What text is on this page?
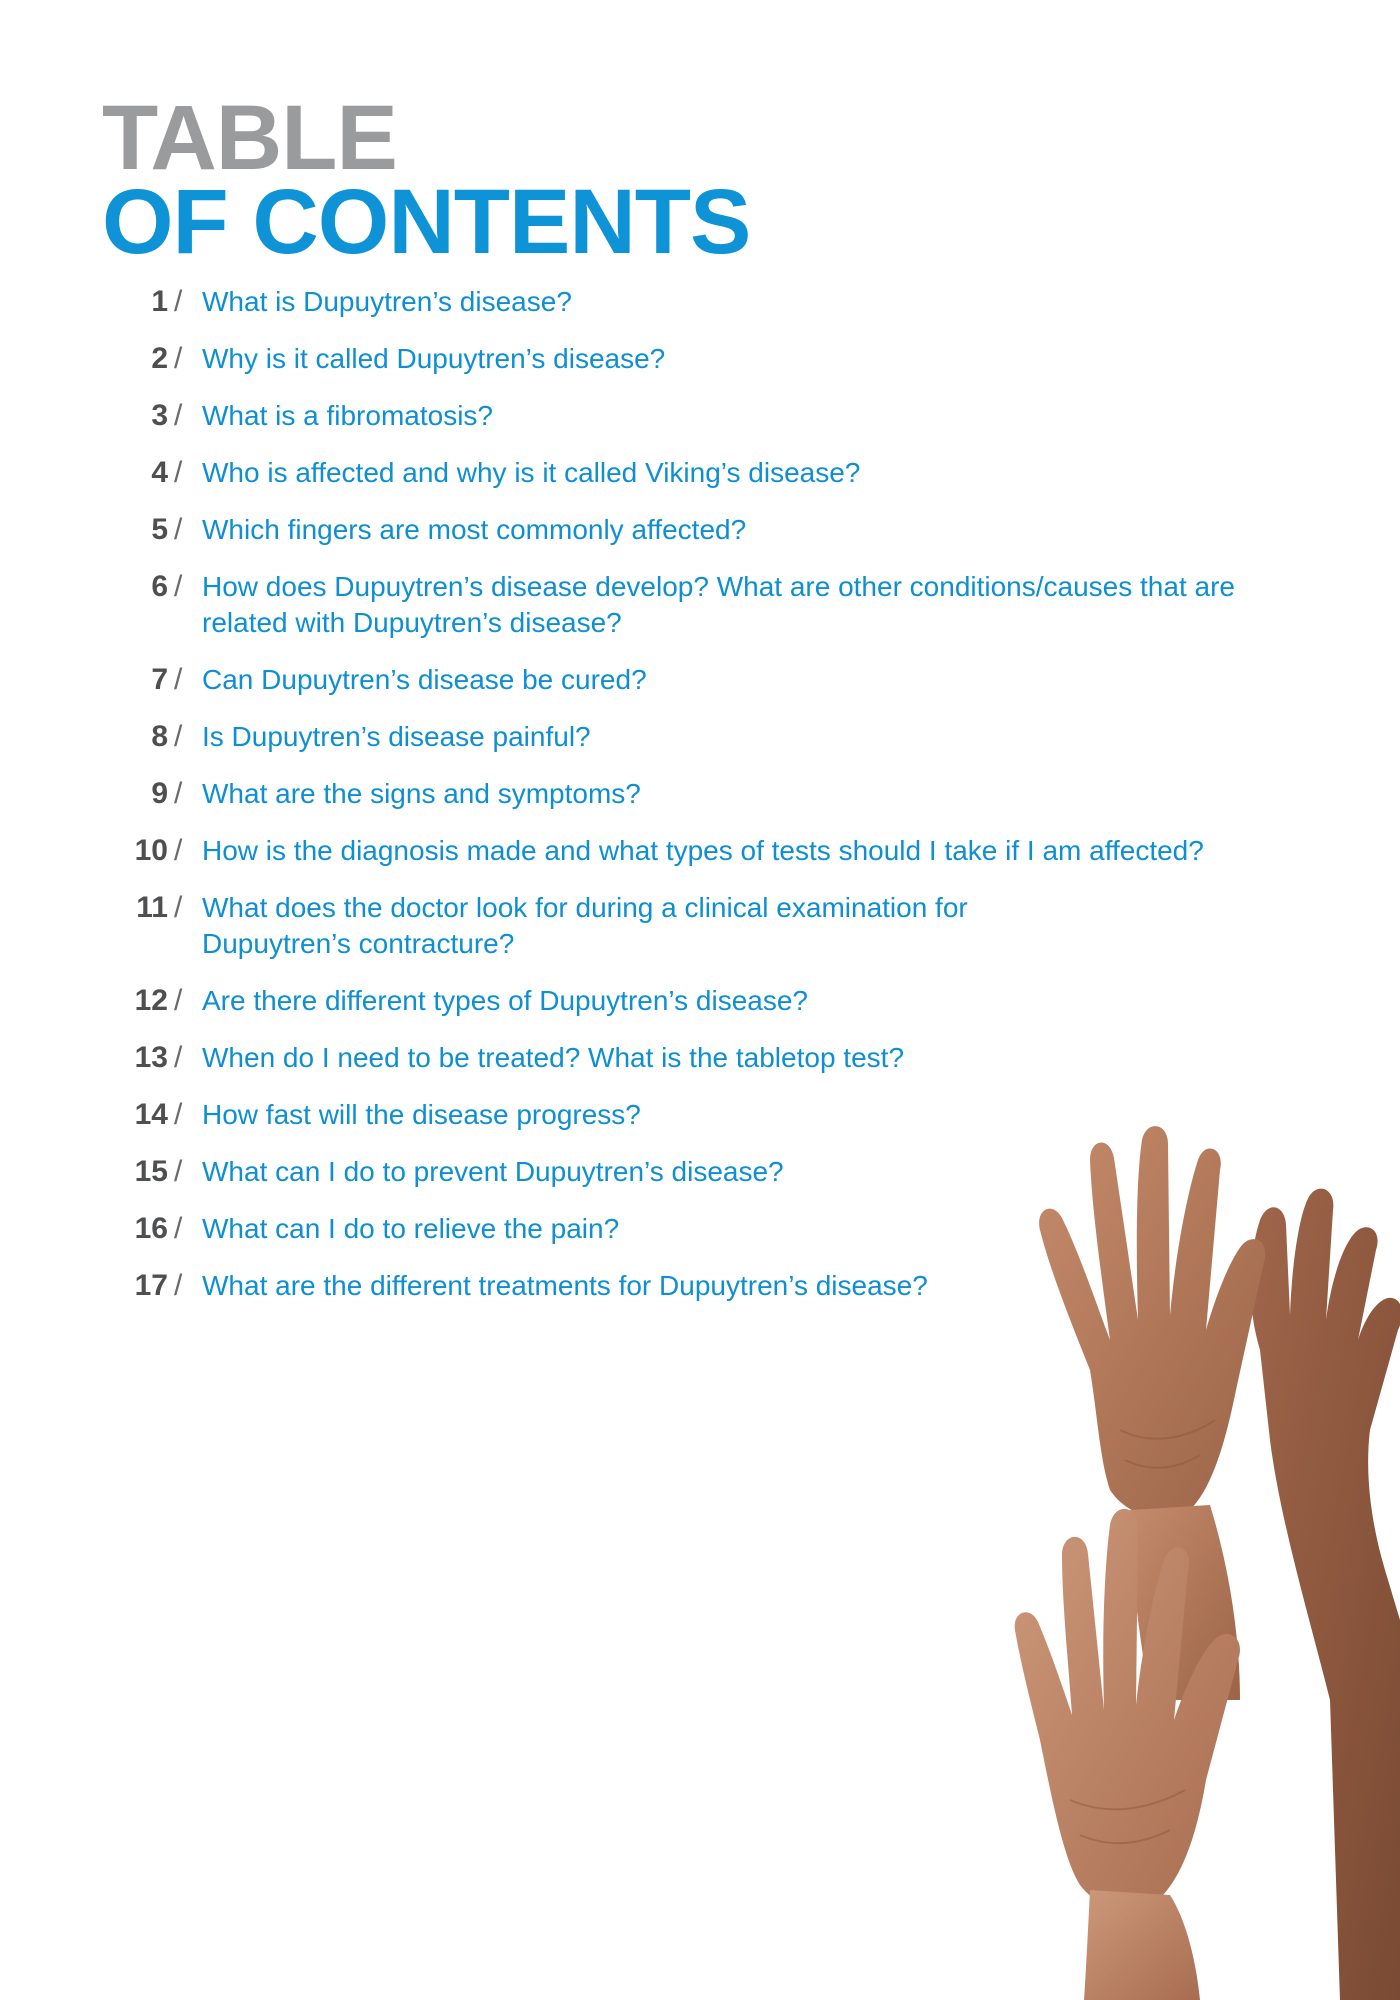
TABLE
OF CONTENTS
1 / What is Dupuytren’s disease?
2 / Why is it called Dupuytren’s disease?
3 / What is a fibromatosis?
4 / Who is affected and why is it called Viking’s disease?
5 / Which fingers are most commonly affected?
6 / How does Dupuytren’s disease develop? What are other conditions/causes that are related with Dupuytren’s disease?
7 / Can Dupuytren’s disease be cured?
8 / Is Dupuytren’s disease painful?
9 / What are the signs and symptoms?
10 / How is the diagnosis made and what types of tests should I take if I am affected?
11 / What does the doctor look for during a clinical examination for Dupuytren’s contracture?
12 / Are there different types of Dupuytren’s disease?
13 / When do I need to be treated? What is the tabletop test?
14 / How fast will the disease progress?
15 / What can I do to prevent Dupuytren’s disease?
16 / What can I do to relieve the pain?
17 / What are the different treatments for Dupuytren’s disease?
